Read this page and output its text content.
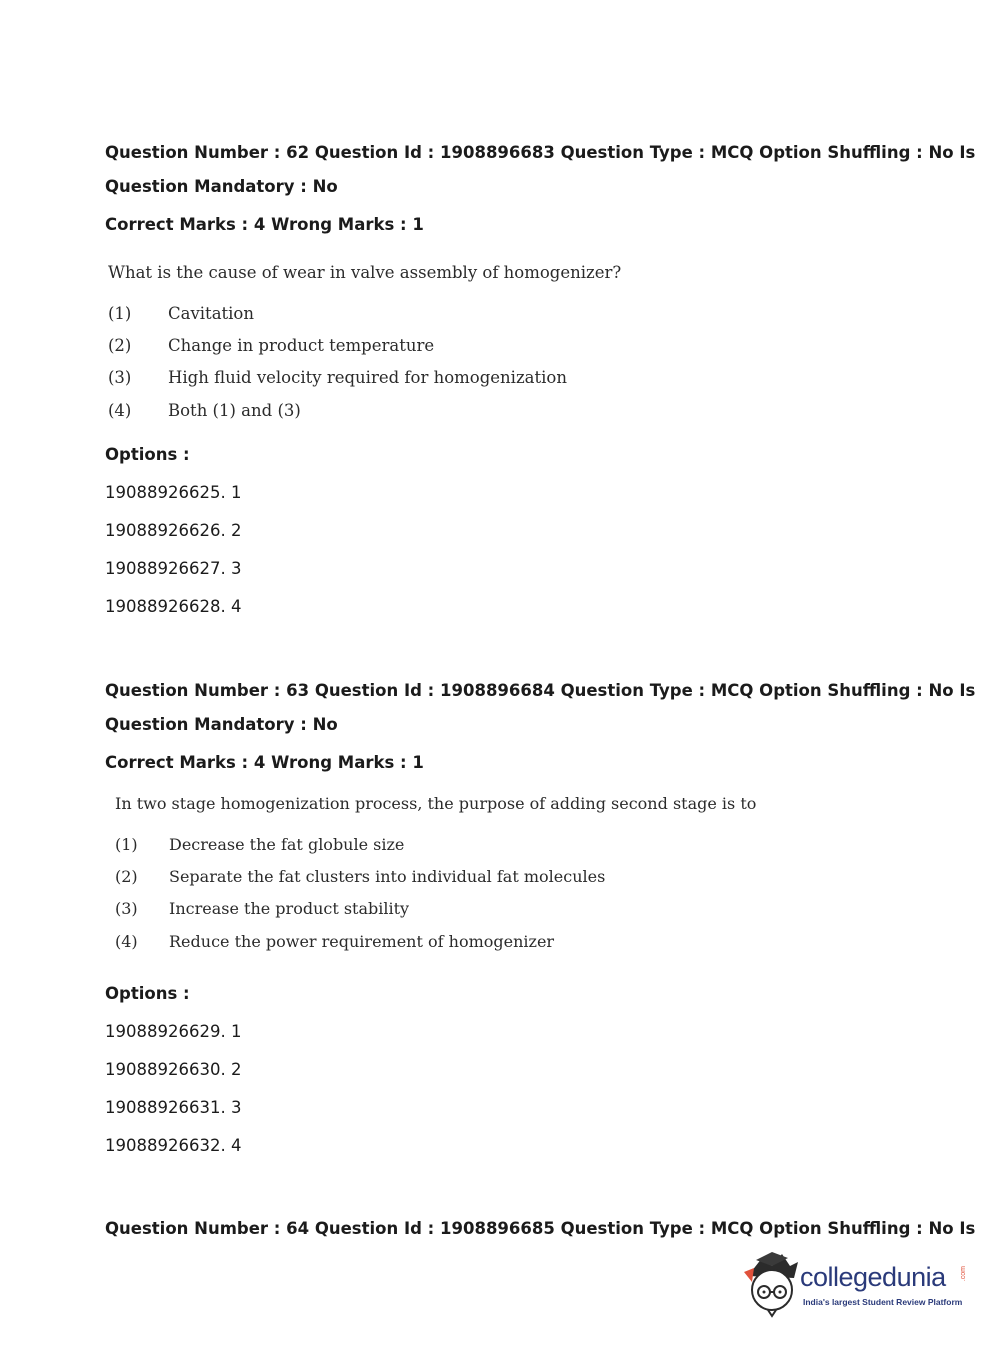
Question Number : 62 Question Id : 1908896683 Question Type : MCQ Option Shuffling : No Is
Question Mandatory : No
Correct Marks : 4 Wrong Marks : 1
What is the cause of wear in valve assembly of homogenizer?
(1) Cavitation
(2) Change in product temperature
(3) High fluid velocity required for homogenization
(4) Both (1) and (3)
Options :
19088926625. 1
19088926626. 2
19088926627. 3
19088926628. 4
Question Number : 63 Question Id : 1908896684 Question Type : MCQ Option Shuffling : No Is
Question Mandatory : No
Correct Marks : 4 Wrong Marks : 1
In two stage homogenization process, the purpose of adding second stage is to
(1) Decrease the fat globule size
(2) Separate the fat clusters into individual fat molecules
(3) Increase the product stability
(4) Reduce the power requirement of homogenizer
Options :
19088926629. 1
19088926630. 2
19088926631. 3
19088926632. 4
Question Number : 64 Question Id : 1908896685 Question Type : MCQ Option Shuffling : No Is
collegedunia .com
India's largest Student Review Platform
